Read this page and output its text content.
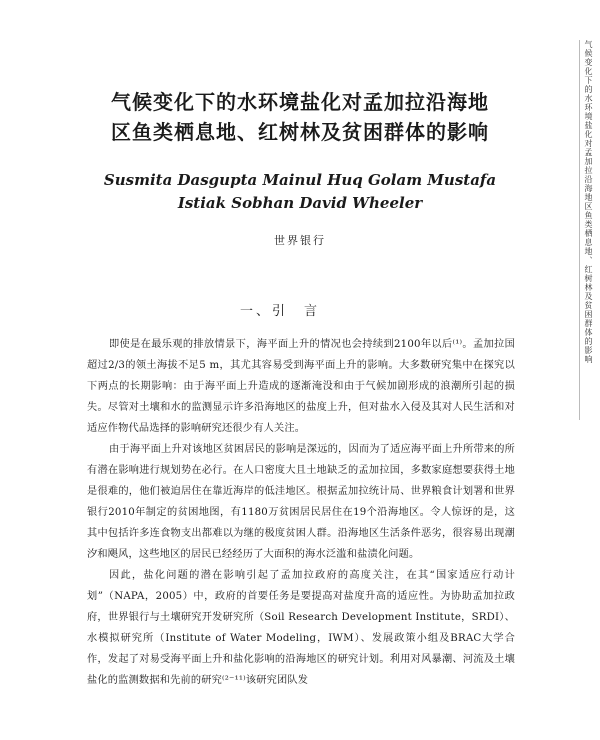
气候变化下的水环境盐化对孟加拉沿海地区鱼类栖息地、红树林及贫困群体的影响
气候变化下的水环境盐化对孟加拉沿海地
区鱼类栖息地、红树林及贫困群体的影响
Susmita Dasgupta Mainul Huq Golam Mustafa
Istiak Sobhan David Wheeler
世界银行
一、引　言

即使是在最乐观的排放情景下，海平面上升的情况也会持续到2100年以后⁽¹⁾。孟加拉国超过2/3的领土海拔不足5 m，其尤其容易受到海平面上升的影响。大多数研究集中在探究以下两点的长期影响：由于海平面上升造成的逐渐淹没和由于气候加剧形成的浪潮所引起的损失。尽管对土壤和水的监测显示许多沿海地区的盐度上升，但对盐水入侵及其对人民生活和对适应作物代品选择的影响研究还很少有人关注。

由于海平面上升对该地区贫困居民的影响是深远的，因而为了适应海平面上升所带来的所有潜在影响进行规划势在必行。在人口密度大且土地缺乏的孟加拉国，多数家庭想要获得土地是很难的，他们被迫居住在靠近海岸的低洼地区。根据孟加拉统计局、世界粮食计划署和世界银行2010年制定的贫困地图，有1180万贫困居民居住在19个沿海地区。令人惊讶的是，这其中包括许多连食物支出都难以为继的极度贫困人群。沿海地区生活条件恶劣，很容易出现潮汐和飓风，这些地区的居民已经经历了大面积的海水泛滥和盐渍化问题。

因此，盐化问题的潜在影响引起了孟加拉政府的高度关注，在其“国家适应行动计划”（NAPA，2005）中，政府的首要任务是要提高对盐度升高的适应性。为协助孟加拉政府，世界银行与土壤研究开发研究所（Soil Research Development Institute，SRDI）、水模拟研究所（Institute of Water Modeling，IWM）、发展政策小组及BRAC大学合作，发起了对易受海平面上升和盐化影响的沿海地区的研究计划。利用对风暴潮、河流及土壤盐化的监测数据和先前的研究⁽²⁻¹¹⁾该研究团队发
